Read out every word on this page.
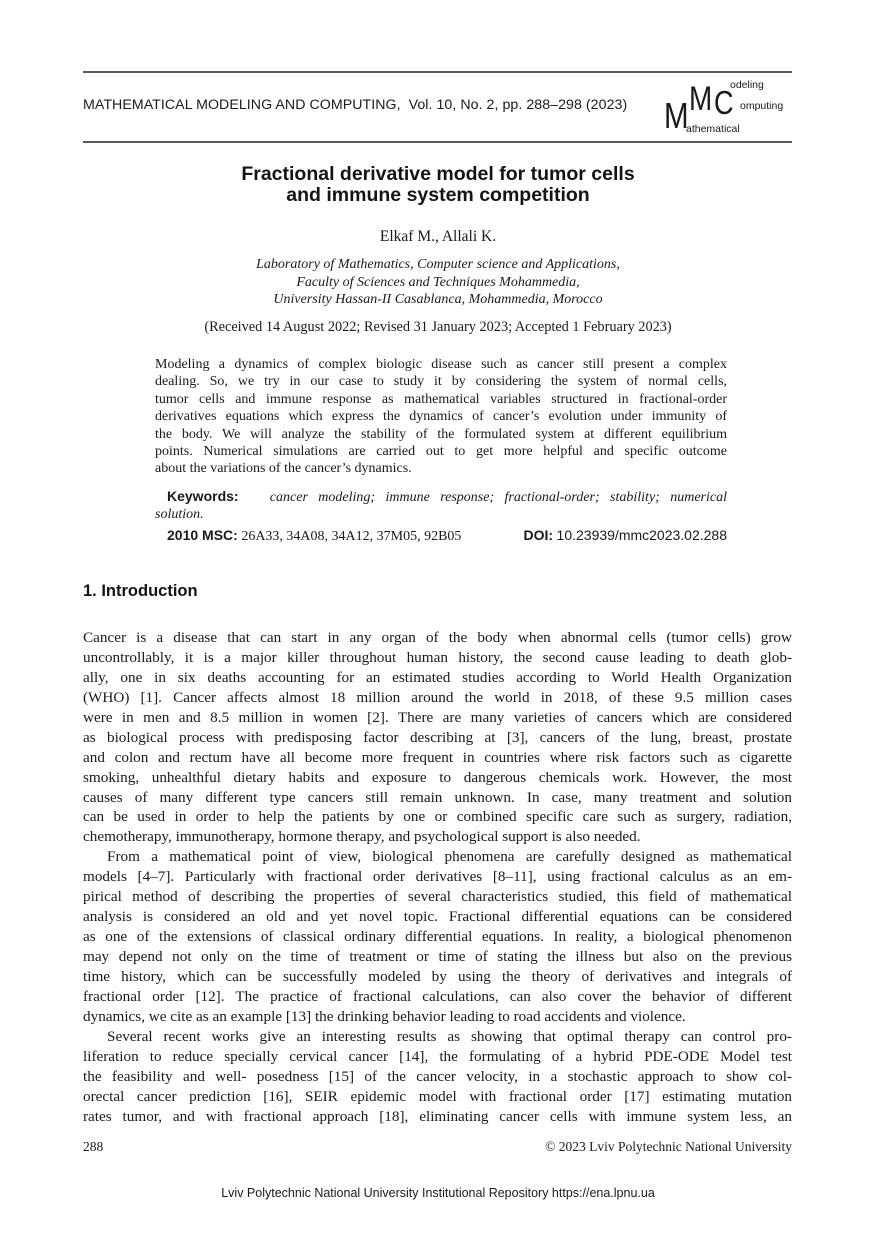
MATHEMATICAL MODELING AND COMPUTING, Vol. 10, No. 2, pp. 288–298 (2023) M M C
odeling
omputing
athematical
Fractional derivative model for tumor cells
and immune system competition
Elkaf M., Allali K.
Laboratory of Mathematics, Computer science and Applications,
Faculty of Sciences and Techniques Mohammedia,
University Hassan-II Casablanca, Mohammedia, Morocco
(Received 14 August 2022; Revised 31 January 2023; Accepted 1 February 2023)
Modeling a dynamics of complex biologic disease such as cancer still present a complex
dealing. So, we try in our case to study it by considering the system of normal cells,
tumor cells and immune response as mathematical variables structured in fractional-order
derivatives equations which express the dynamics of cancer’s evolution under immunity of
the body. We will analyze the stability of the formulated system at different equilibrium
points. Numerical simulations are carried out to get more helpful and specific outcome
about the variations of the cancer’s dynamics.
Keywords: cancer modeling; immune response; fractional-order; stability; numerical
solution.
2010 MSC: 26A33, 34A08, 34A12, 37M05, 92B05	DOI: 10.23939/mmc2023.02.288
1. Introduction
Cancer is a disease that can start in any organ of the body when abnormal cells (tumor cells) grow
uncontrollably, it is a major killer throughout human history, the second cause leading to death glob-
ally, one in six deaths accounting for an estimated studies according to World Health Organization
(WHO) [1]. Cancer affects almost 18 million around the world in 2018, of these 9.5 million cases
were in men and 8.5 million in women [2]. There are many varieties of cancers which are considered
as biological process with predisposing factor describing at [3], cancers of the lung, breast, prostate
and colon and rectum have all become more frequent in countries where risk factors such as cigarette
smoking, unhealthful dietary habits and exposure to dangerous chemicals work. However, the most
causes of many different type cancers still remain unknown. In case, many treatment and solution
can be used in order to help the patients by one or combined specific care such as surgery, radiation,
chemotherapy, immunotherapy, hormone therapy, and psychological support is also needed.
From a mathematical point of view, biological phenomena are carefully designed as mathematical
models [4–7]. Particularly with fractional order derivatives [8–11], using fractional calculus as an em-
pirical method of describing the properties of several characteristics studied, this field of mathematical
analysis is considered an old and yet novel topic. Fractional differential equations can be considered
as one of the extensions of classical ordinary differential equations. In reality, a biological phenomenon
may depend not only on the time of treatment or time of stating the illness but also on the previous
time history, which can be successfully modeled by using the theory of derivatives and integrals of
fractional order [12]. The practice of fractional calculations, can also cover the behavior of different
dynamics, we cite as an example [13] the drinking behavior leading to road accidents and violence.
Several recent works give an interesting results as showing that optimal therapy can control pro-
liferation to reduce specially cervical cancer [14], the formulating of a hybrid PDE-ODE Model test
the feasibility and well- posedness [15] of the cancer velocity, in a stochastic approach to show col-
orectal cancer prediction [16], SEIR epidemic model with fractional order [17] estimating mutation
rates tumor, and with fractional approach [18], eliminating cancer cells with immune system less, an
288	© 2023 Lviv Polytechnic National University
Lviv Polytechnic National University Institutional Repository https://ena.lpnu.ua
